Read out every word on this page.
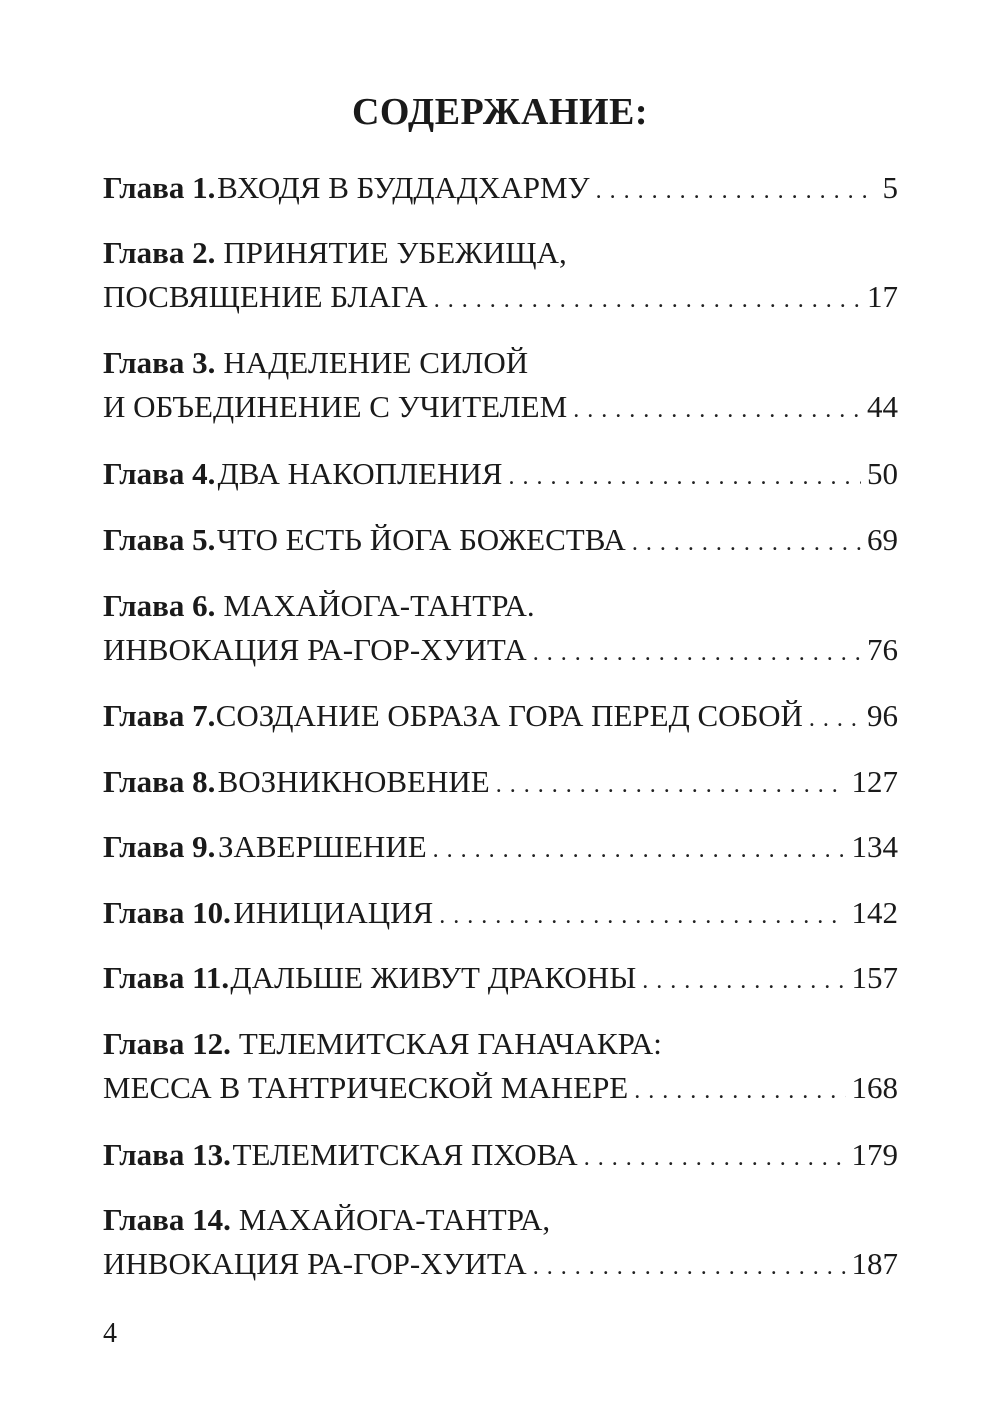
СОДЕРЖАНИЕ:
Глава 1. ВХОДЯ В БУДДАДХАРМУ . . .	5
Глава 2. ПРИНЯТИЕ УБЕЖИЩА,
ПОСВЯЩЕНИЕ БЛАГА . . .	17
Глава 3. НАДЕЛЕНИЕ СИЛОЙ
И ОБЪЕДИНЕНИЕ С УЧИТЕЛЕМ . . .	44
Глава 4. ДВА НАКОПЛЕНИЯ . . .	50
Глава 5. ЧТО ЕСТЬ ЙОГА БОЖЕСТВА . . .	69
Глава 6. МАХАЙОГА-ТАНТРА.
ИНВОКАЦИЯ РА-ГОР-ХУИТА . . .	76
Глава 7. СОЗДАНИЕ ОБРАЗА ГОРА ПЕРЕД СОБОЙ . . . 96
Глава 8. ВОЗНИКНОВЕНИЕ . . .	127
Глава 9. ЗАВЕРШЕНИЕ . . .	134
Глава 10. ИНИЦИАЦИЯ . . .	142
Глава 11. ДАЛЬШЕ ЖИВУТ ДРАКОНЫ . . .	157
Глава 12. ТЕЛЕМИТСКАЯ ГАНАЧАКРА:
МЕССА В ТАНТРИЧЕСКОЙ МАНЕРЕ . . .	168
Глава 13. ТЕЛЕМИТСКАЯ ПХОВА . . .	179
Глава 14. МАХАЙОГА-ТАНТРА,
ИНВОКАЦИЯ РА-ГОР-ХУИТА . . .	187
4
